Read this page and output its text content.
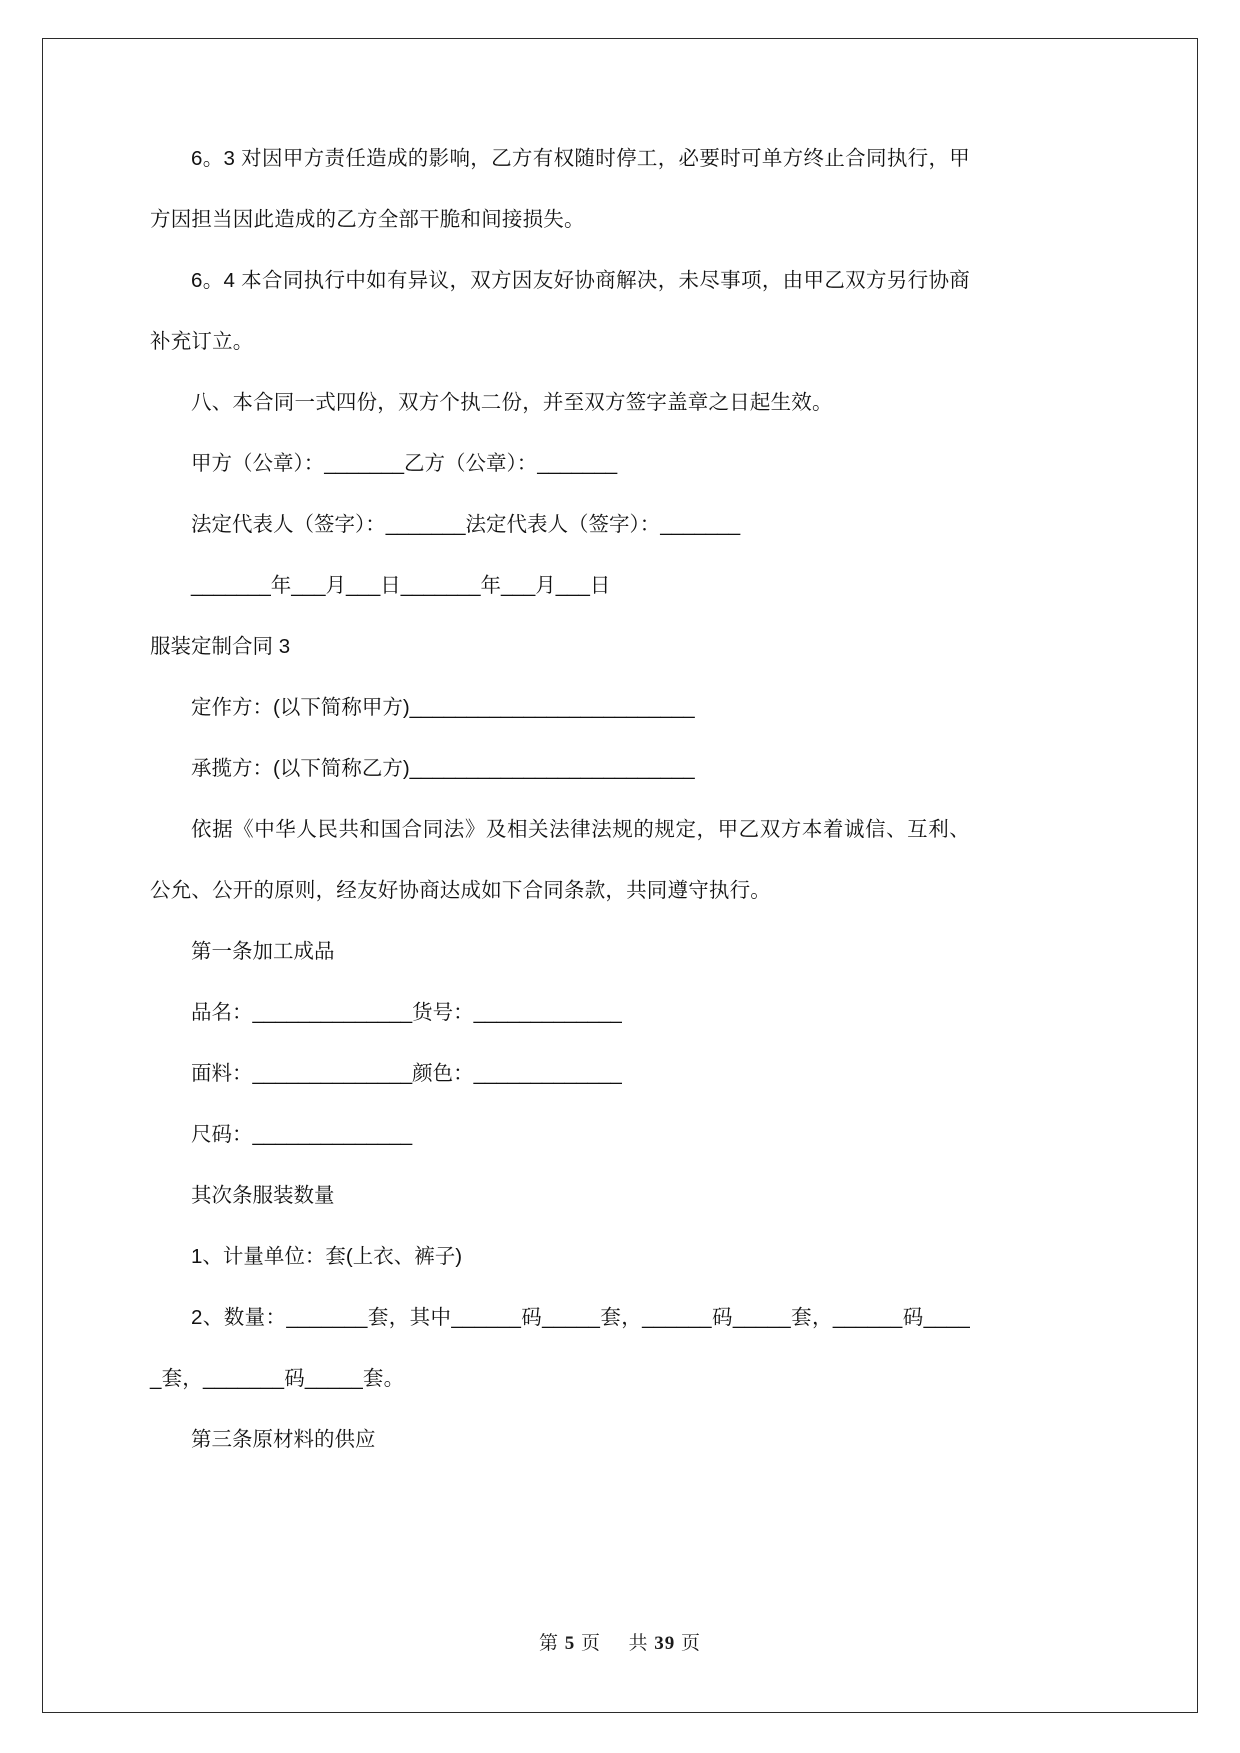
6。3 对因甲方责任造成的影响，乙方有权随时停工，必要时可单方终止合同执行，甲方因担当因此造成的乙方全部干脆和间接损失。

6。4 本合同执行中如有异议，双方因友好协商解决，未尽事项，由甲乙双方另行协商补充订立。

八、本合同一式四份，双方个执二份，并至双方签字盖章之日起生效。

甲方（公章）：_______乙方（公章）：_______

法定代表人（签字）：_______法定代表人（签字）：_______

_______年___月___日_______年___月___日

服装定制合同 3

定作方：(以下简称甲方)_________________________

承揽方：(以下简称乙方)_________________________

依据《中华人民共和国合同法》及相关法律法规的规定，甲乙双方本着诚信、互利、公允、公开的原则，经友好协商达成如下合同条款，共同遵守执行。

第一条加工成品

品名：______________货号：_____________

面料：______________颜色：_____________

尺码：______________

其次条服装数量

1、计量单位：套(上衣、裤子)

2、数量：_______套，其中______码_____套，______码_____套，______码_____套，_______码_____套。

第三条原材料的供应

第 5 页 共 39 页
